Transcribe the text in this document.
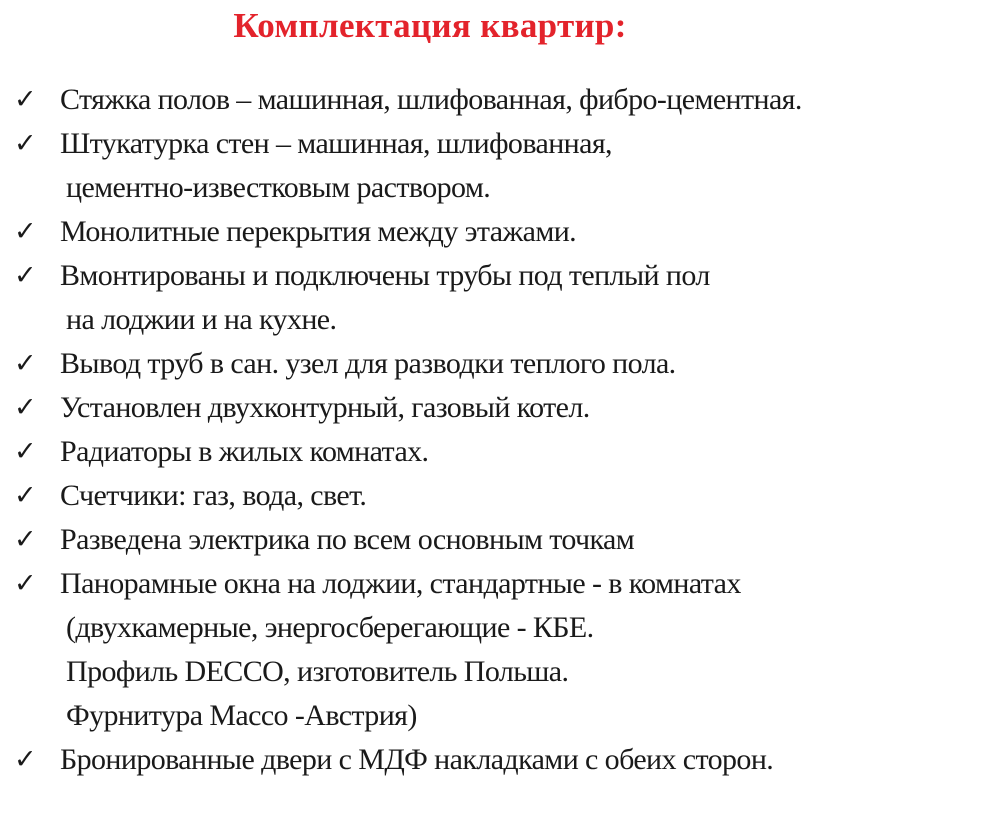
Комплектация квартир:
✓ Стяжка полов – машинная, шлифованная, фибро-цементная.
✓ Штукатурка стен – машинная, шлифованная,
цементно-известковым раствором.
✓ Монолитные перекрытия между этажами.
✓ Вмонтированы и подключены трубы под теплый пол
на лоджии и на кухне.
✓ Вывод труб в сан. узел для разводки теплого пола.
✓ Установлен двухконтурный, газовый котел.
✓ Радиаторы в жилых комнатах.
✓ Счетчики: газ, вода, свет.
✓ Разведена электрика по всем основным точкам
✓ Панорамные окна на лоджии, стандартные - в комнатах
(двухкамерные, энергосберегающие - КБЕ.
Профиль DECCO, изготовитель Польша.
Фурнитура Массо -Австрия)
✓ Бронированные двери с МДФ накладками с обеих сторон.
